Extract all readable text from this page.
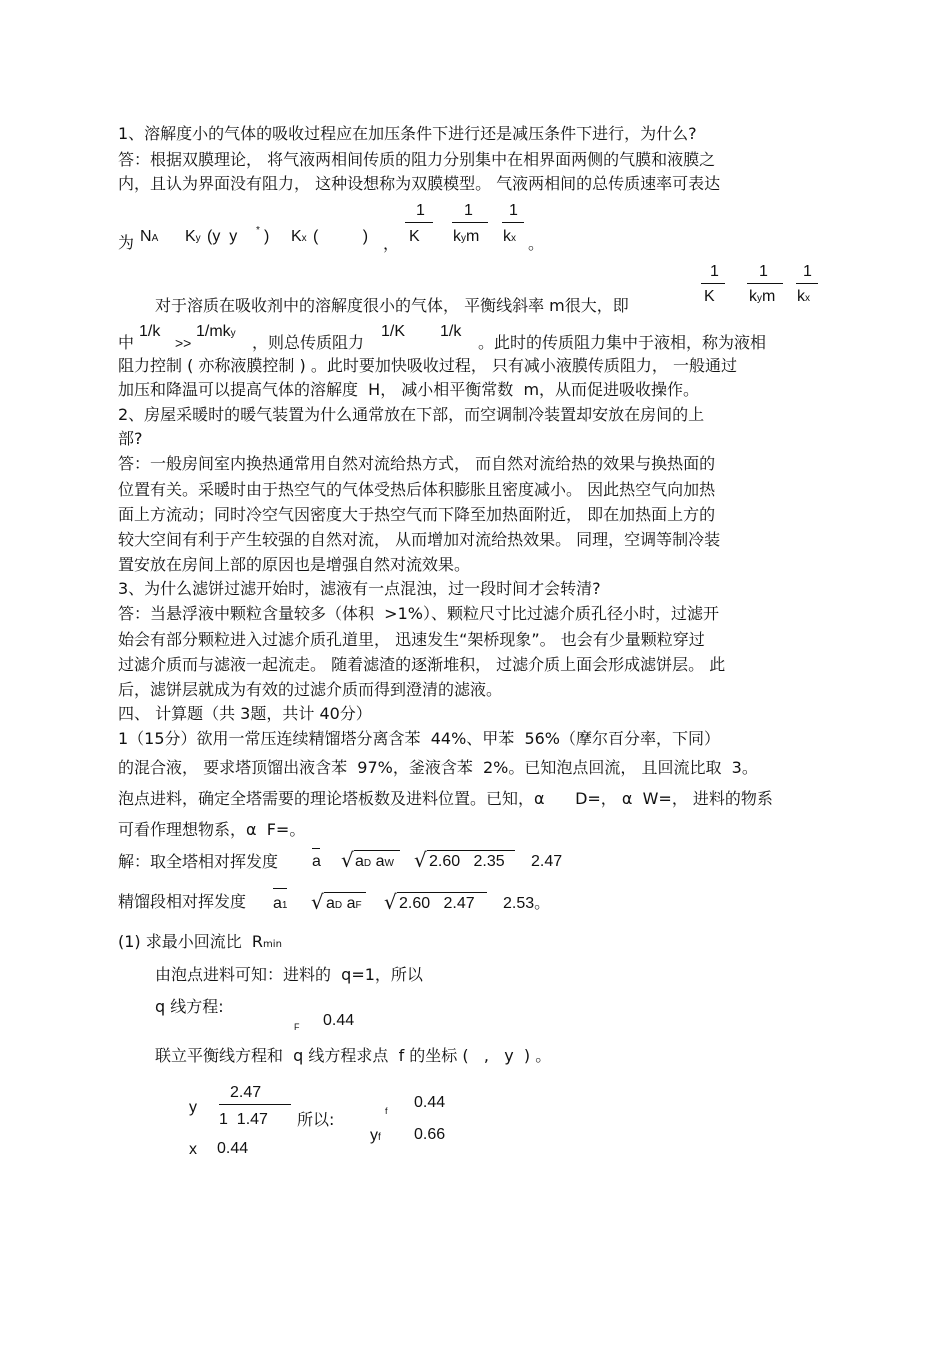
1、溶解度小的气体的吸收过程应在加压条件下进行还是减压条件下进行，为什么?
答：根据双膜理论， 将气液两相间传质的阻力分别集中在相界面两侧的气膜和液膜之
内，且认为界面没有阻力， 这种设想称为双膜模型。 气液两相间的总传质速率可表达
为 NA Ky (y  y * ) Kx (          ) ，
1
K
1
kym
1
kx 。
对于溶质在吸收剂中的溶解度很小的气体， 平衡线斜率 m很大，即
1
K
1
kym
1
kx
中
1/k
>>
1/mky ，则总传质阻力
1/K 1/k
。此时的传质阻力集中于液相，称为液相
阻力控制 ( 亦称液膜控制 ) 。此时要加快吸收过程， 只有减小液膜传质阻力， 一般通过
加压和降温可以提高气体的溶解度  H， 减小相平衡常数  m，从而促进吸收操作。
2、房屋采暖时的暖气装置为什么通常放在下部，而空调制冷装置却安放在房间的上
部?
答：一般房间室内换热通常用自然对流给热方式， 而自然对流给热的效果与换热面的
位置有关。采暖时由于热空气的气体受热后体积膨胀且密度减小。 因此热空气向加热
面上方流动；同时冷空气因密度大于热空气而下降至加热面附近， 即在加热面上方的
较大空间有利于产生较强的自然对流， 从而增加对流给热效果。 同理，空调等制冷装
置安放在房间上部的原因也是增强自然对流效果。
3、为什么滤饼过滤开始时，滤液有一点混浊，过一段时间才会转清?
答：当悬浮液中颗粒含量较多（体积  >1%）、颗粒尺寸比过滤介质孔径小时，过滤开
始会有部分颗粒进入过滤介质孔道里， 迅速发生“架桥现象”。 也会有少量颗粒穿过
过滤介质而与滤液一起流走。 随着滤渣的逐渐堆积， 过滤介质上面会形成滤饼层。 此
后，滤饼层就成为有效的过滤介质而得到澄清的滤液。
四、 计算题（共 3题，共计 40分）
1（15分）欲用一常压连续精馏塔分离含苯  44%、甲苯  56%（摩尔百分率，下同）
的混合液， 要求塔顶馏出液含苯  97%，釜液含苯  2%。已知泡点回流， 且回流比取  3。
泡点进料，确定全塔需要的理论塔板数及进料位置。已知，α      D=， α  W=， 进料的物系
可看作理想物系，α  F=。
解：取全塔相对挥发度 a √ aD aW √ 2.60   2.35 2.47
精馏段相对挥发度 a1 √ aD aF √ 2.60   2.47 2.53。
(1) 求最小回流比  Rmin
由泡点进料可知：进料的  q=1，所以
q 线方程:
F 0.44
联立平衡线方程和  q 线方程求点  f 的坐标 (   ,   y  ) 。
y
2.47
1  1.47 所以:	f 0.44
yf 0.66
x 0.44
